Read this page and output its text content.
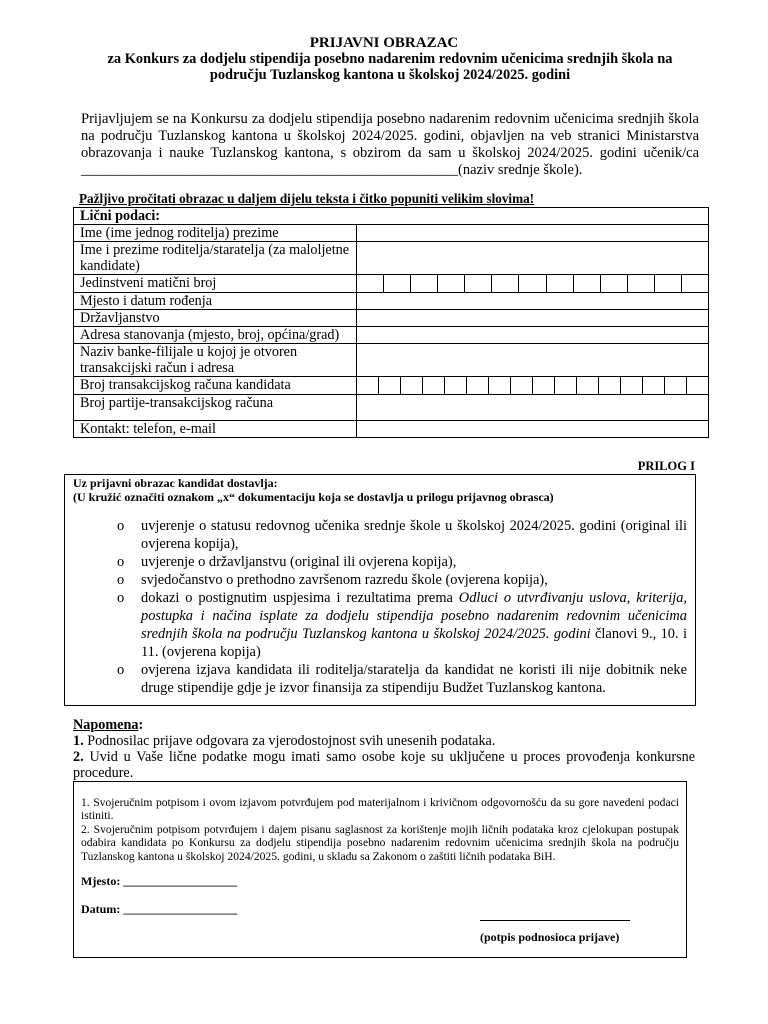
PRIJAVNI OBRAZAC
za Konkurs za dodjelu stipendija posebno nadarenim redovnim učenicima srednjih škola na području Tuzlanskog kantona u školskoj 2024/2025. godini
Prijavljujem se na Konkursu za dodjelu stipendija posebno nadarenim redovnim učenicima srednjih škola na području Tuzlanskog kantona u školskoj 2024/2025. godini, objavljen na veb stranici Ministarstva obrazovanja i nauke Tuzlanskog kantona, s obzirom da sam u školskoj 2024/2025. godini učenik/ca ____________________________________________________(naziv srednje škole).
Pažljivo pročitati obrazac u daljem dijelu teksta i čitko popuniti velikim slovima!
Lični podaci:	
Ime (ime jednog roditelja) prezime	
Ime i prezime roditelja/staratelja (za maloljetne kandidate)	
Jedinstveni matični broj	

Mjesto i datum rođenja	
Državljanstvo	
Adresa stanovanja (mjesto, broj, općina/grad)	
Naziv banke-filijale u kojoj je otvoren transakcijski račun i adresa	
Broj transakcijskog računa kandidata	

Broj partije-transakcijskog računa	
Kontakt: telefon, e-mail	
PRILOG I
Uz prijavni obrazac kandidat dostavlja:
(U kružić označiti oznakom „x“ dokumentaciju koja se dostavlja u prilogu prijavnog obrasca)
o uvjerenje o statusu redovnog učenika srednje škole u školskoj 2024/2025. godini (original ili ovjerena kopija),
o uvjerenje o državljanstvu (original ili ovjerena kopija),
o svjedočanstvo o prethodno završenom razredu škole (ovjerena kopija),
o dokazi o postignutim uspjesima i rezultatima prema Odluci o utvrđivanju uslova, kriterija, postupka i načina isplate za dodjelu stipendija posebno nadarenim redovnim učenicima srednjih škola na području Tuzlanskog kantona u školskoj 2024/2025. godini članovi 9., 10. i 11. (ovjerena kopija)
o ovjerena izjava kandidata ili roditelja/staratelja da kandidat ne koristi ili nije dobitnik neke druge stipendije gdje je izvor finansija za stipendiju Budžet Tuzlanskog kantona.
Napomena:
1. Podnosilac prijave odgovara za vjerodostojnost svih unesenih podataka.
2. Uvid u Vaše lične podatke mogu imati samo osobe koje su uključene u proces provođenja konkursne procedure.
1. Svojeručnim potpisom i ovom izjavom potvrđujem pod materijalnom i krivičnom odgovornošću da su gore navedeni podaci istiniti.
2. Svojeručnim potpisom potvrđujem i dajem pisanu saglasnost za korištenje mojih ličnih podataka kroz cjelokupan postupak odabira kandidata po Konkursu za dodjelu stipendija posebno nadarenim redovnim učenicima srednjih škola na području Tuzlanskog kantona u školskoj 2024/2025. godini, u skladu sa Zakonom o zaštiti ličnih podataka BiH.
Mjesto: ___________________
Datum: ___________________
(potpis podnosioca prijave)
